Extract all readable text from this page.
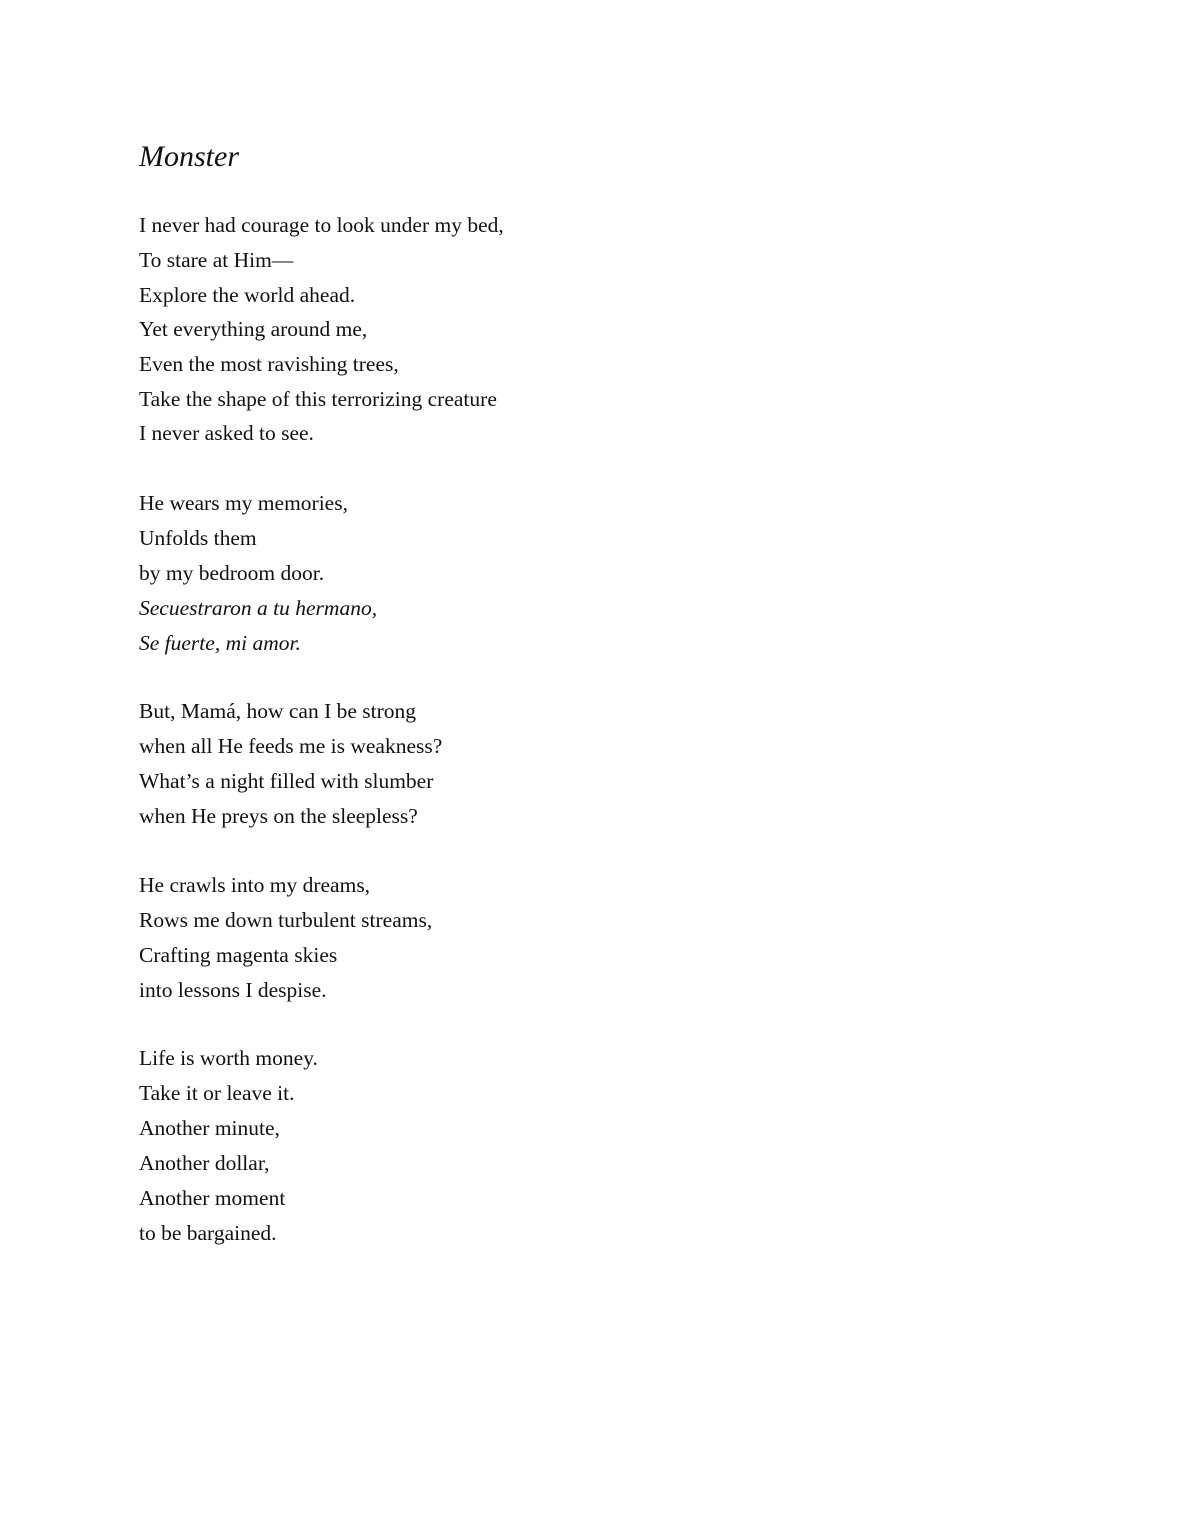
Monster
I never had courage to look under my bed,
To stare at Him—
Explore the world ahead.
Yet everything around me,
Even the most ravishing trees,
Take the shape of this terrorizing creature
I never asked to see.
He wears my memories,
Unfolds them
by my bedroom door.
Secuestraron a tu hermano,
Se fuerte, mi amor.
But, Mamá, how can I be strong
when all He feeds me is weakness?
What’s a night filled with slumber
when He preys on the sleepless?
He crawls into my dreams,
Rows me down turbulent streams,
Crafting magenta skies
into lessons I despise.
Life is worth money.
Take it or leave it.
Another minute,
Another dollar,
Another moment
to be bargained.
